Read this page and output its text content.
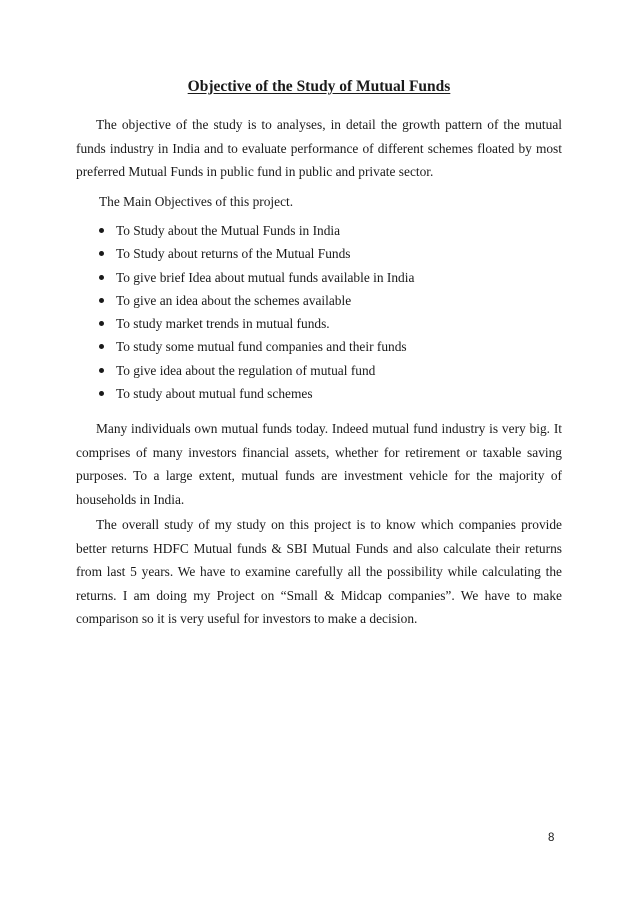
Objective of the Study of Mutual Funds

The objective of the study is to analyses, in detail the growth pattern of the mutual funds industry in India and to evaluate performance of different schemes floated by most preferred Mutual Funds in public fund in public and private sector.

The Main Objectives of this project.

To Study about the Mutual Funds in India
To Study about returns of the Mutual Funds
To give brief Idea about mutual funds available in India
To give an idea about the schemes available
To study market trends in mutual funds.
To study some mutual fund companies and their funds
To give idea about the regulation of mutual fund
To study about mutual fund schemes

Many individuals own mutual funds today. Indeed mutual fund industry is very big. It comprises of many investors financial assets, whether for retirement or taxable saving purposes. To a large extent, mutual funds are investment vehicle for the majority of households in India.

The overall study of my study on this project is to know which companies provide better returns HDFC Mutual funds & SBI Mutual Funds and also calculate their returns from last 5 years. We have to examine carefully all the possibility while calculating the returns. I am doing my Project on “Small & Midcap companies”. We have to make comparison so it is very useful for investors to make a decision.

8
